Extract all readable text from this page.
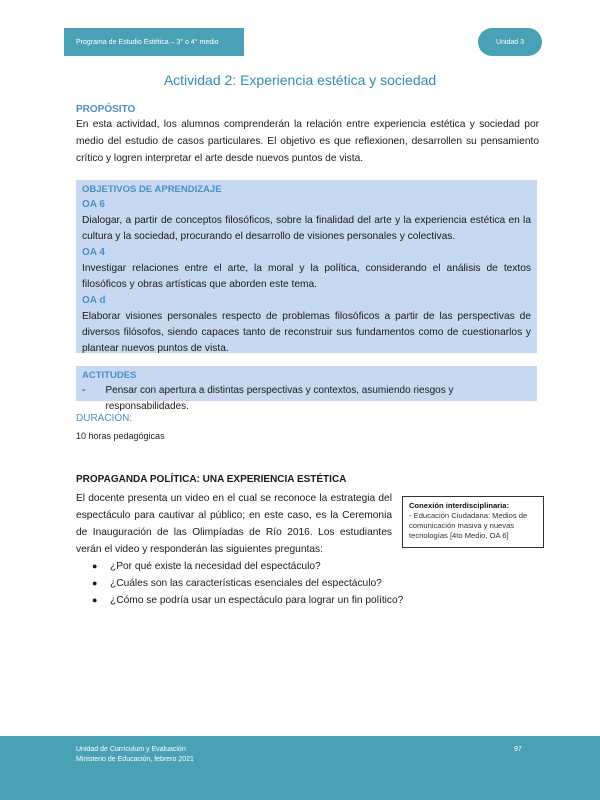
Programa de Estudio Estética – 3° o 4° medio	Unidad 3
Actividad 2: Experiencia estética y sociedad
PROPÓSITO
En esta actividad, los alumnos comprenderán la relación entre experiencia estética y sociedad por medio del estudio de casos particulares. El objetivo es que reflexionen, desarrollen su pensamiento crítico y logren interpretar el arte desde nuevos puntos de vista.
OBJETIVOS DE APRENDIZAJE
OA 6
Dialogar, a partir de conceptos filosóficos, sobre la finalidad del arte y la experiencia estética en la cultura y la sociedad, procurando el desarrollo de visiones personales y colectivas.
OA 4
Investigar relaciones entre el arte, la moral y la política, considerando el análisis de textos filosóficos y obras artísticas que aborden este tema.
OA d
Elaborar visiones personales respecto de problemas filosóficos a partir de las perspectivas de diversos filósofos, siendo capaces tanto de reconstruir sus fundamentos como de cuestionarlos y plantear nuevos puntos de vista.
ACTITUDES
-	Pensar con apertura a distintas perspectivas y contextos, asumiendo riesgos y responsabilidades.
DURACIÓN:
10 horas pedagógicas
PROPAGANDA POLÍTICA: UNA EXPERIENCIA ESTÉTICA
El docente presenta un video en el cual se reconoce la estrategia del espectáculo para cautivar al público; en este caso, es la Ceremonia de Inauguración de las Olimpíadas de Río 2016. Los estudiantes verán el video y responderán las siguientes preguntas:
Conexión interdisciplinaria:
- Educación Ciudadana: Medios de comunicación masiva y nuevas tecnologías [4to Medio, OA 6]
●	¿Por qué existe la necesidad del espectáculo?
●	¿Cuáles son las características esenciales del espectáculo?
●	¿Cómo se podría usar un espectáculo para lograr un fin político?
Unidad de Currículum y Evaluación
Ministerio de Educación, febrero 2021
97
